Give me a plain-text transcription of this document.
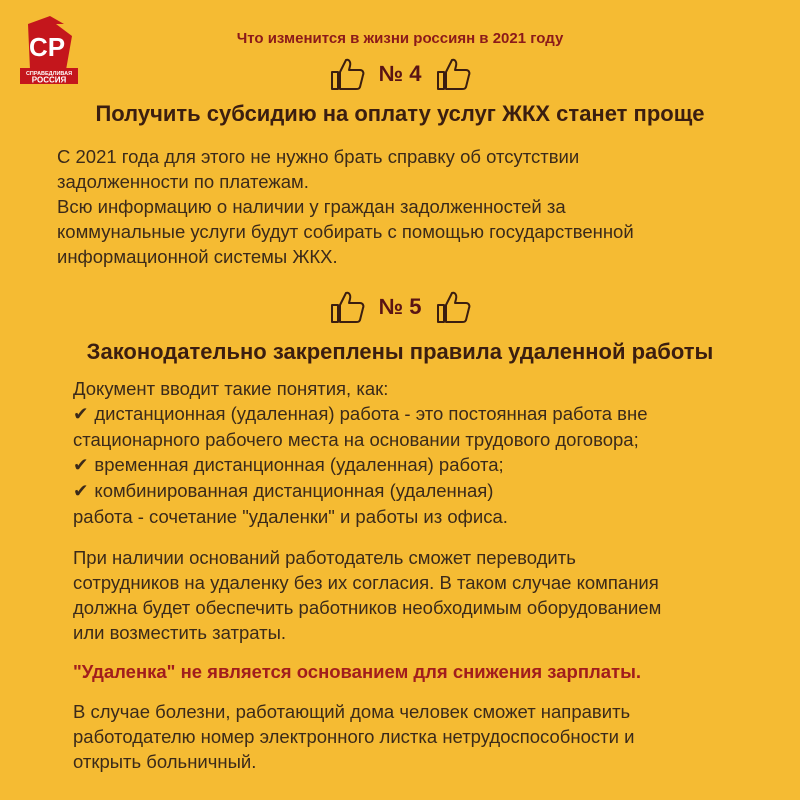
СР
СПРАВЕДЛИВАЯ
РОССИЯ
Что изменится в жизни россиян в 2021 году
№ 4
Получить субсидию на оплату услуг ЖКХ станет проще
С 2021 года для этого не нужно брать справку об отсутствии
задолженности по платежам.
Всю информацию о наличии у граждан задолженностей за
коммунальные услуги будут собирать с помощью государственной
информационной системы ЖКХ.
№ 5
Законодательно закреплены правила удаленной работы
Документ вводит такие понятия, как:
✔ дистанционная (удаленная) работа - это постоянная работа вне
стационарного рабочего места на основании трудового договора;
✔ временная дистанционная (удаленная) работа;
✔ комбинированная дистанционная (удаленная)
работа - сочетание "удаленки" и работы из офиса.
При наличии оснований работодатель сможет переводить
сотрудников на удаленку без их согласия. В таком случае компания
должна будет обеспечить работников необходимым оборудованием
или возместить затраты.
"Удаленка" не является основанием для снижения зарплаты.
В случае болезни, работающий дома человек сможет направить
работодателю номер электронного листка нетрудоспособности и
открыть больничный.
